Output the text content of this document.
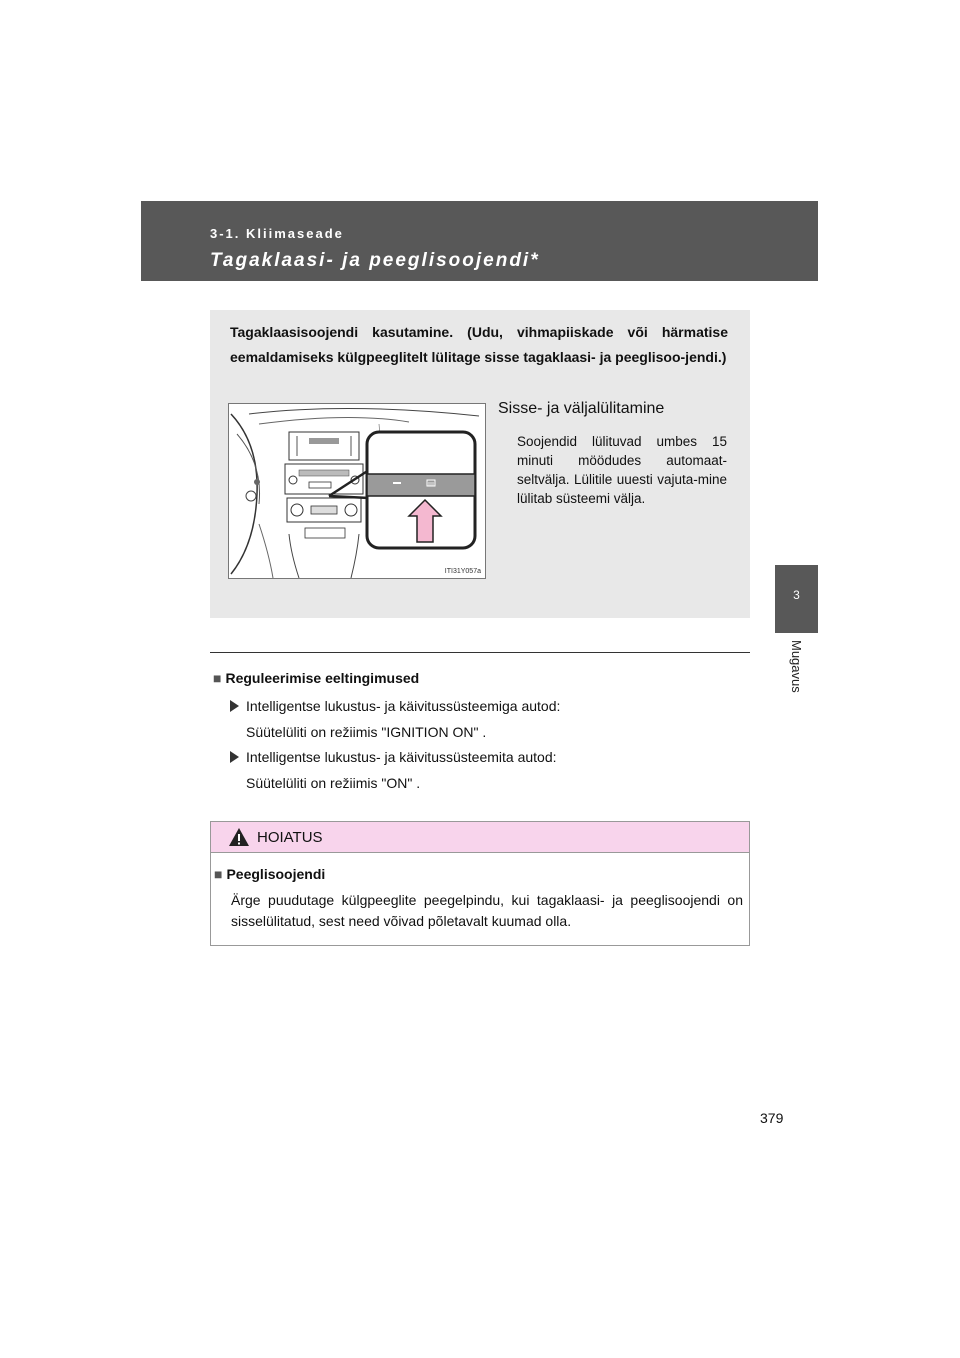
3-1. Kliimaseade
Tagaklaasi- ja peeglisoojendi*
3
Mugavus
Tagaklaasisoojendi kasutamine. (Udu, vihmapiiskade või härmatise eemaldamiseks külgpeeglitelt lülitage sisse tagaklaasi- ja peeglisoo-jendi.)
ITI31Y057a
Sisse- ja väljalülitamine
Soojendid lülituvad umbes 15 minuti möödudes automaat-seltvälja. Lülitile uuesti vajuta-mine lülitab süsteemi välja.
■ Reguleerimise eeltingimused
Intelligentse lukustus- ja käivitussüsteemiga autod:
Süütelüliti on režiimis "IGNITION ON" .
Intelligentse lukustus- ja käivitussüsteemita autod:
Süütelüliti on režiimis "ON" .
HOIATUS
■ Peeglisoojendi
Ärge puudutage külgpeeglite peegelpindu, kui tagaklaasi- ja peeglisoojendi on sisselülitatud, sest need võivad põletavalt kuumad olla.
379
